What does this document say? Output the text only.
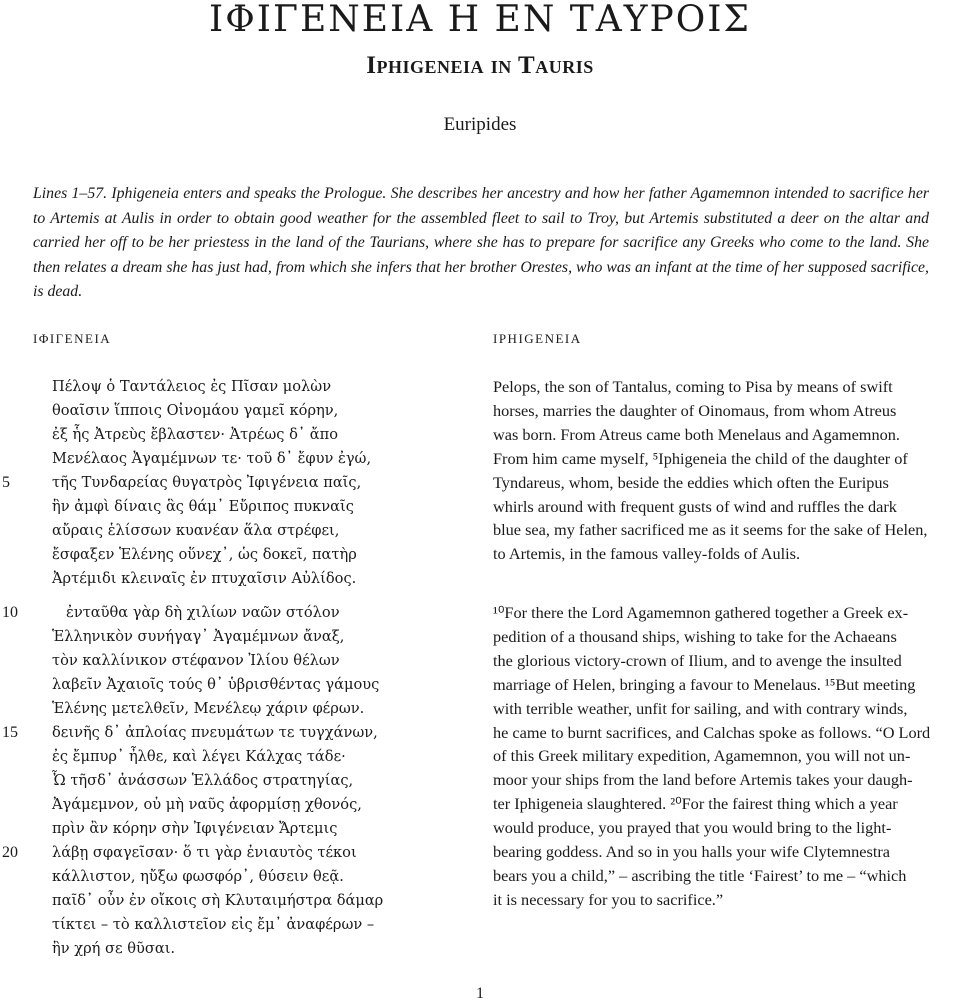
ΙΦΙΓΕΝΕΙΑ Η ΕΝ ΤΑΥΡΟΙΣ
Iphigeneia in Tauris

Euripides

Lines 1–57. Iphigeneia enters and speaks the Prologue. She describes her ancestry and how her father Agamemnon intended to sacrifice her to Artemis at Aulis in order to obtain good weather for the assembled fleet to sail to Troy, but Artemis substituted a deer on the altar and carried her off to be her priestess in the land of the Taurians, where she has to prepare for sacrifice any Greeks who come to the land. She then relates a dream she has just had, from which she infers that her brother Orestes, who was an infant at the time of her supposed sacrifice, is dead.

ΙΦΙΓΕΝΕΙΑ	IPHIGENEIA

Πέλοψ ὁ Ταντάλειος ἐς Πῖσαν μολὼν
θοαῖσιν ἵπποις Οἰνομάου γαμεῖ κόρην,
ἐξ ἧς Ἀτρεὺς ἔβλαστεν· Ἀτρέως δ᾽ ἄπο
Μενέλαος Ἀγαμέμνων τε· τοῦ δ᾽ ἔφυν ἐγώ,
τῆς Τυνδαρείας θυγατρὸς Ἰφιγένεια παῖς,
ἣν ἀμφὶ δίναις ἃς θάμ᾽ Εὔριπος πυκναῖς
αὔραις ἑλίσσων κυανέαν ἅλα στρέφει,
ἔσφαξεν Ἑλένης οὕνεχ᾽, ὡς δοκεῖ, πατὴρ
Ἀρτέμιδι κλειναῖς ἐν πτυχαῖσιν Αὐλίδος.
ἐνταῦθα γὰρ δὴ χιλίων ναῶν στόλον
Ἑλληνικὸν συνήγαγ᾽ Ἀγαμέμνων ἄναξ,
τὸν καλλίνικον στέφανον Ἰλίου θέλων
λαβεῖν Ἀχαιοῖς τούς θ᾽ ὑβρισθέντας γάμους
Ἑλένης μετελθεῖν, Μενέλεῳ χάριν φέρων.
δεινῆς δ᾽ ἀπλοίας πνευμάτων τε τυγχάνων,
ἐς ἔμπυρ᾽ ἦλθε, καὶ λέγει Κάλχας τάδε·
Ὦ τῆσδ᾽ ἀνάσσων Ἑλλάδος στρατηγίας,
Ἀγάμεμνον, οὐ μὴ ναῦς ἀφορμίσῃ χθονός,
πρὶν ἂν κόρην σὴν Ἰφιγένειαν Ἄρτεμις
λάβῃ σφαγεῖσαν· ὅ τι γὰρ ἐνιαυτὸς τέκοι
κάλλιστον, ηὔξω φωσφόρ᾽, θύσειν θεᾷ.
παῖδ᾽ οὖν ἐν οἴκοις σὴ Κλυταιμήστρα δάμαρ
τίκτει – τὸ καλλιστεῖον εἰς ἔμ᾽ ἀναφέρων –
ἣν χρή σε θῦσαι.
5
10
15
20
Pelops, the son of Tantalus, coming to Pisa by means of swift
horses, marries the daughter of Oinomaus, from whom Atreus
was born. From Atreus came both Menelaus and Agamemnon.
From him came myself, ⁵Iphigeneia the child of the daughter of
Tyndareus, whom, beside the eddies which often the Euripus
whirls around with frequent gusts of wind and ruffles the dark
blue sea, my father sacrificed me as it seems for the sake of Helen,
to Artemis, in the famous valley-folds of Aulis.
¹⁰For there the Lord Agamemnon gathered together a Greek ex-
pedition of a thousand ships, wishing to take for the Achaeans
the glorious victory-crown of Ilium, and to avenge the insulted
marriage of Helen, bringing a favour to Menelaus. ¹⁵But meeting
with terrible weather, unfit for sailing, and with contrary winds,
he came to burnt sacrifices, and Calchas spoke as follows. “O Lord
of this Greek military expedition, Agamemnon, you will not un-
moor your ships from the land before Artemis takes your daugh-
ter Iphigeneia slaughtered. ²⁰For the fairest thing which a year
would produce, you prayed that you would bring to the light-
bearing goddess. And so in you halls your wife Clytemnestra
bears you a child,” – ascribing the title ‘Fairest’ to me – “which
it is necessary for you to sacrifice.”
1
